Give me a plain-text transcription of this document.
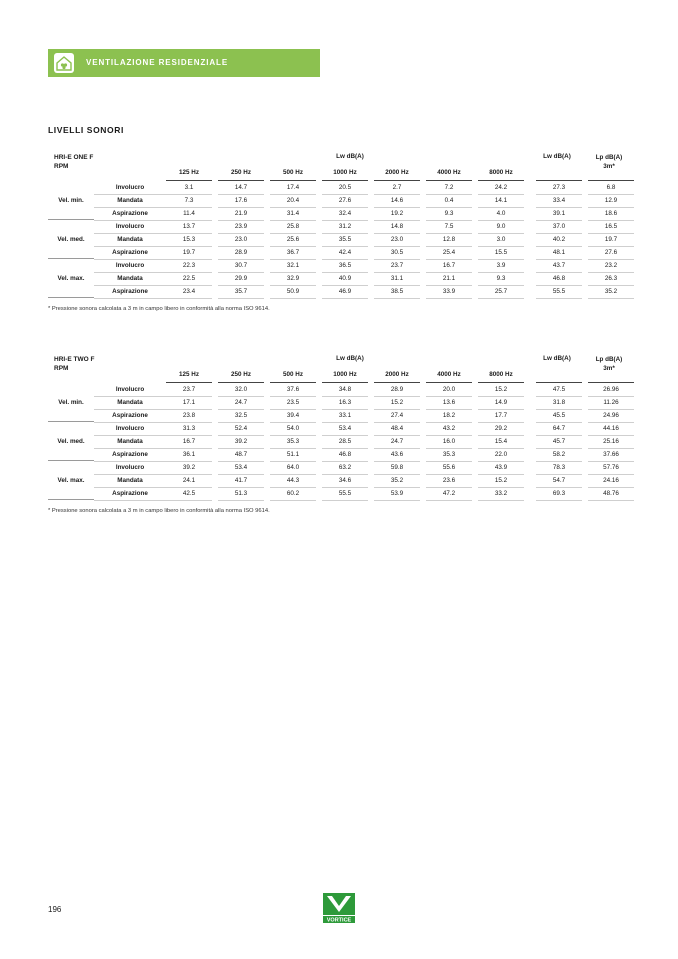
VENTILAZIONE RESIDENZIALE
LIVELLI SONORI
HRI-E ONE F
RPM
Lw dB(A)	Lw dB(A)	Lp dB(A)
3m*
125 Hz	250 Hz	500 Hz	1000 Hz	2000 Hz	4000 Hz	8000 Hz
Vel. min.
Involucro	3.1	14.7	17.4	20.5	2.7	7.2	24.2	27.3	6.8
Mandata	7.3	17.6	20.4	27.6	14.6	0.4	14.1	33.4	12.9
Aspirazione	11.4	21.9	31.4	32.4	19.2	9.3	4.0	39.1	18.6
Vel. med.
Involucro	13.7	23.9	25.8	31.2	14.8	7.5	9.0	37.0	16.5
Mandata	15.3	23.0	25.6	35.5	23.0	12.8	3.0	40.2	19.7
Aspirazione	19.7	28.9	36.7	42.4	30.5	25.4	15.5	48.1	27.6
Vel. max.
Involucro	22.3	30.7	32.1	36.5	23.7	16.7	3.9	43.7	23.2
Mandata	22.5	29.9	32.9	40.9	31.1	21.1	9.3	46.8	26.3
Aspirazione	23.4	35.7	50.9	46.9	38.5	33.9	25.7	55.5	35.2
* Pressione sonora calcolata a 3 m in campo libero in conformità alla norma ISO 9614.
HRI-E TWO F
RPM
Lw dB(A)	Lw dB(A)	Lp dB(A)
3m*
125 Hz	250 Hz	500 Hz	1000 Hz	2000 Hz	4000 Hz	8000 Hz
Vel. min.
Involucro	23.7	32.0	37.6	34.8	28.9	20.0	15.2	47.5	26.96
Mandata	17.1	24.7	23.5	16.3	15.2	13.6	14.9	31.8	11.26
Aspirazione	23.8	32.5	39.4	33.1	27.4	18.2	17.7	45.5	24.96
Vel. med.
Involucro	31.3	52.4	54.0	53.4	48.4	43.2	29.2	64.7	44.16
Mandata	16.7	39.2	35.3	28.5	24.7	16.0	15.4	45.7	25.16
Aspirazione	36.1	48.7	51.1	46.8	43.6	35.3	22.0	58.2	37.66
Vel. max.
Involucro	39.2	53.4	64.0	63.2	59.8	55.6	43.9	78.3	57.76
Mandata	24.1	41.7	44.3	34.6	35.2	23.6	15.2	54.7	24.16
Aspirazione	42.5	51.3	60.2	55.5	53.9	47.2	33.2	69.3	48.76
* Pressione sonora calcolata a 3 m in campo libero in conformità alla norma ISO 9614.
196
VORTICE
